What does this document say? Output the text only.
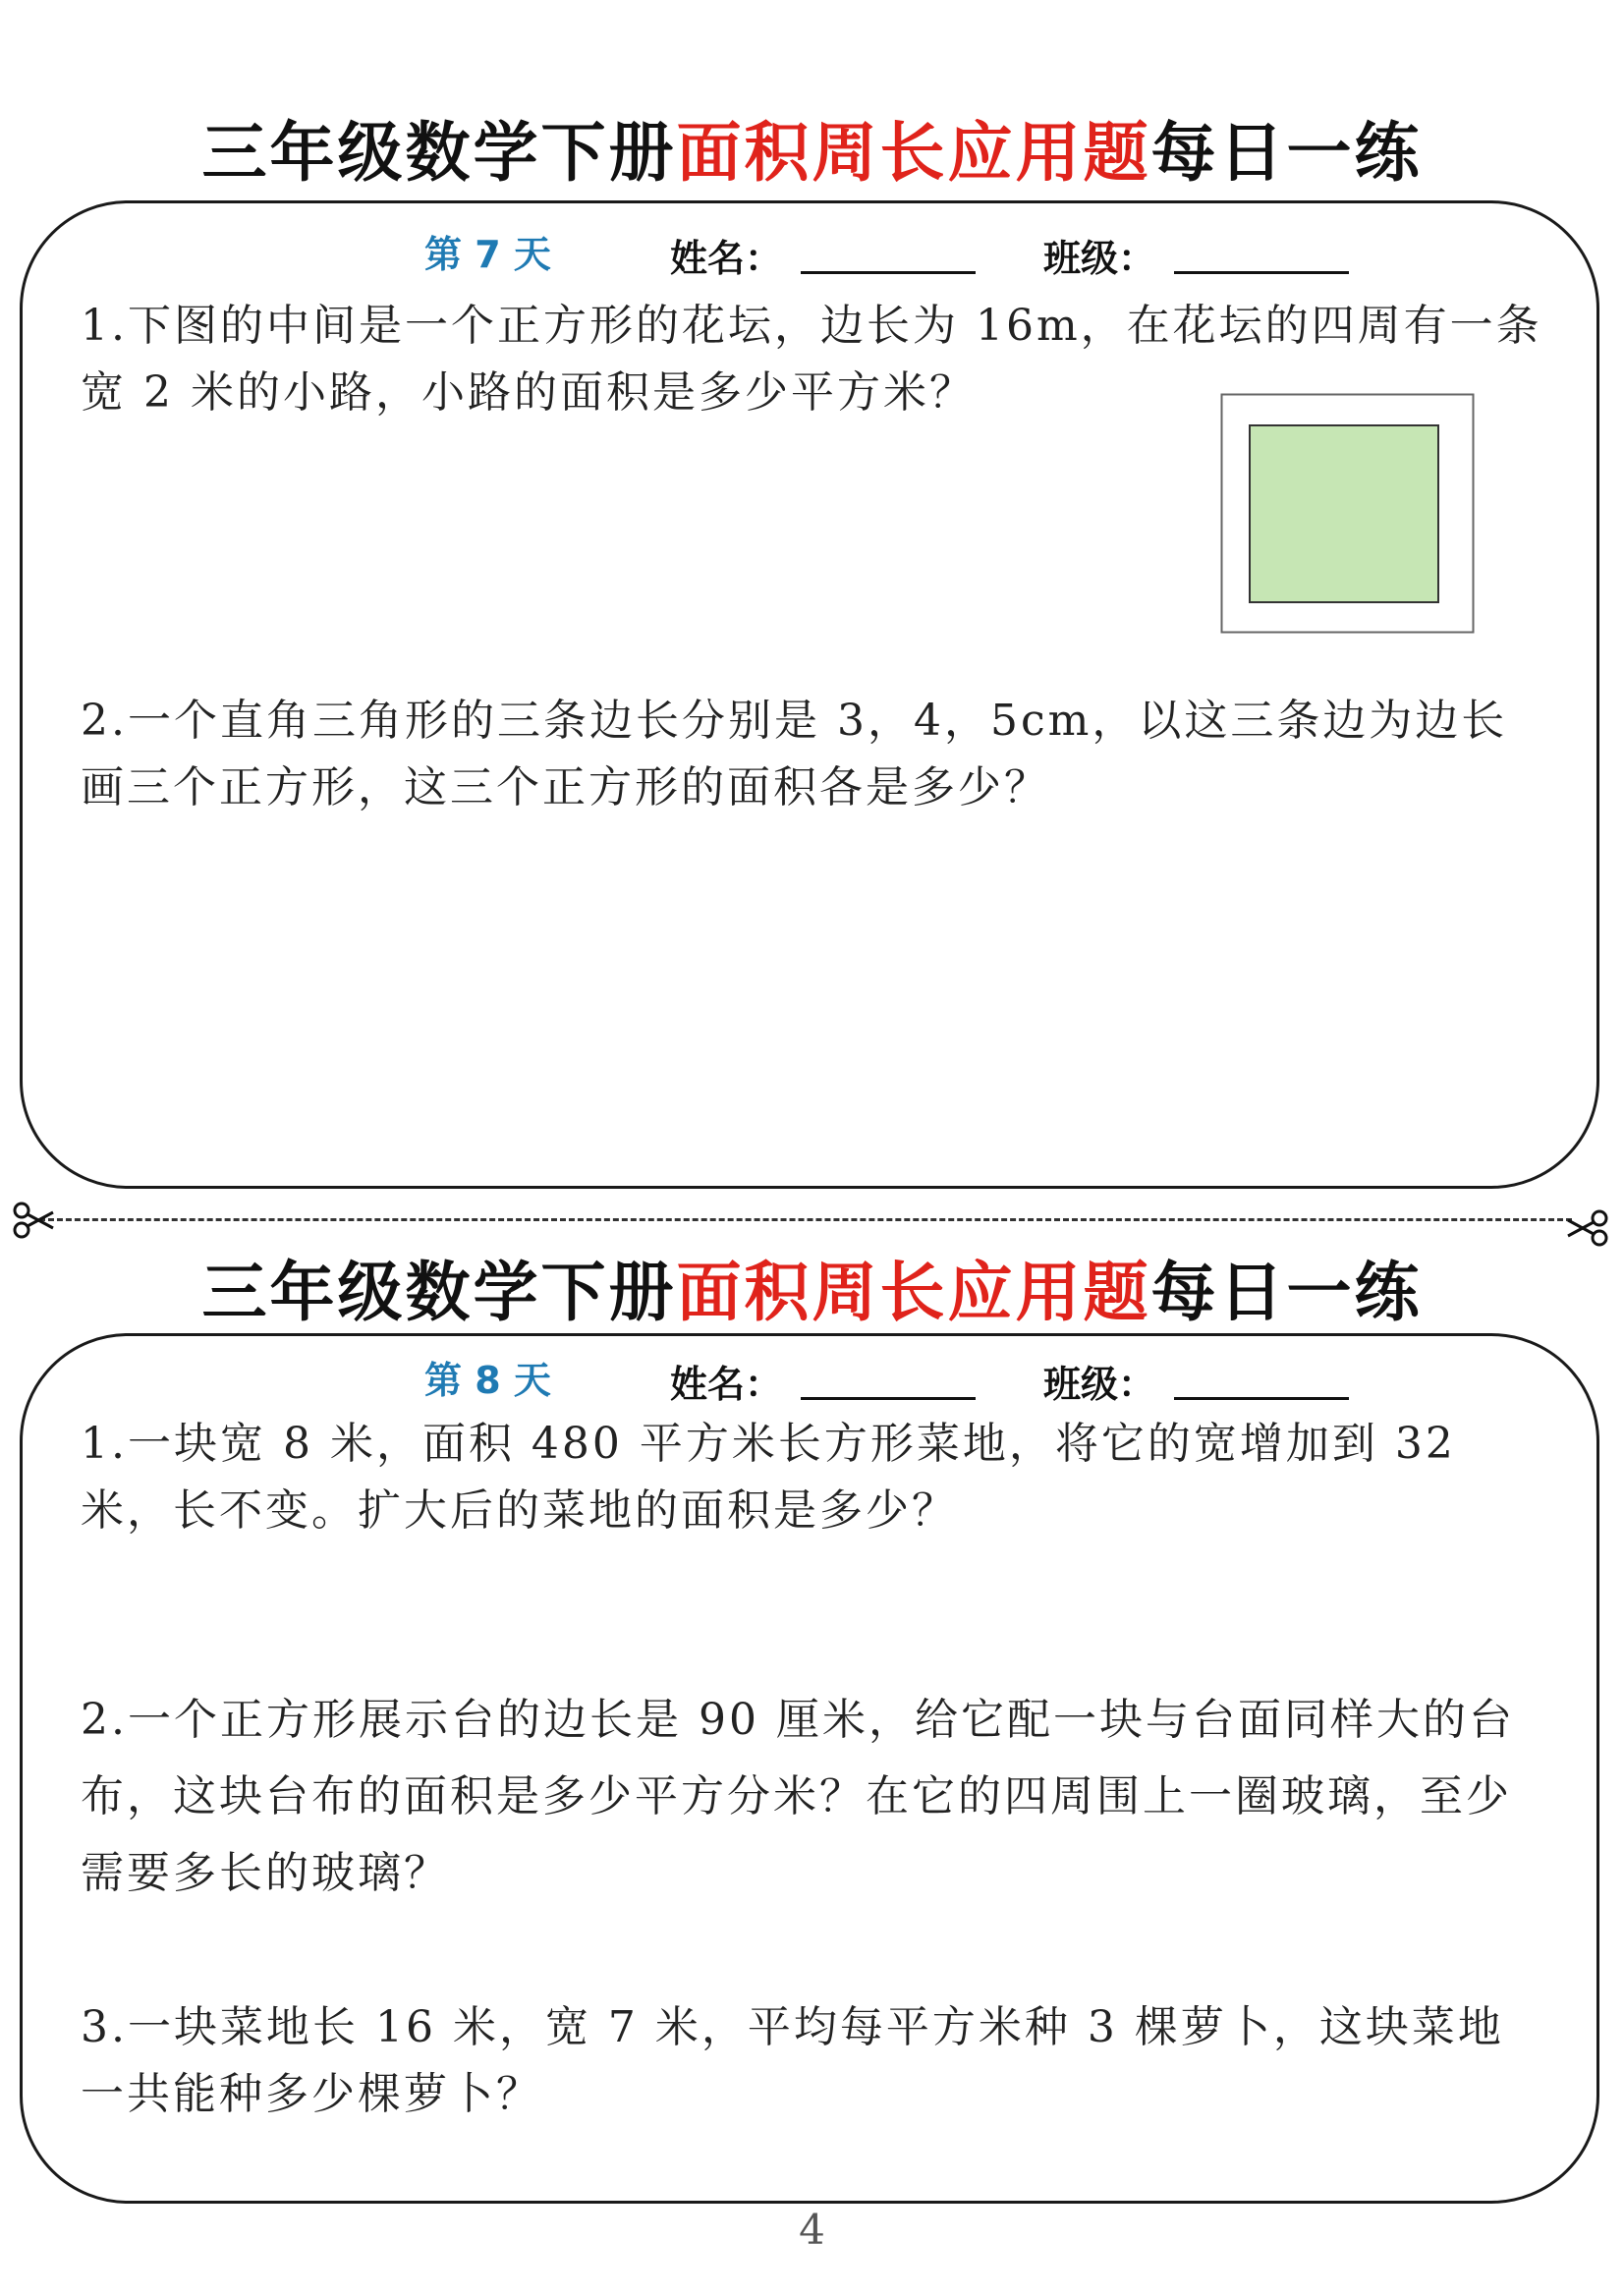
三年级数学下册面积周长应用题每日一练
第 7 天	姓名：	班级：
1.下图的中间是一个正方形的花坛，边长为 16m，在花坛的四周有一条宽 2 米的小路，小路的面积是多少平方米？
2.一个直角三角形的三条边长分别是 3，4，5cm，以这三条边为边长画三个正方形，这三个正方形的面积各是多少？
三年级数学下册面积周长应用题每日一练
第 8 天	姓名：	班级：
1.一块宽 8 米，面积 480 平方米长方形菜地，将它的宽增加到 32 米，长不变。扩大后的菜地的面积是多少？
2.一个正方形展示台的边长是 90 厘米，给它配一块与台面同样大的台布，这块台布的面积是多少平方分米？在它的四周围上一圈玻璃，至少需要多长的玻璃？
3.一块菜地长 16 米，宽 7 米，平均每平方米种 3 棵萝卜，这块菜地一共能种多少棵萝卜？
4
